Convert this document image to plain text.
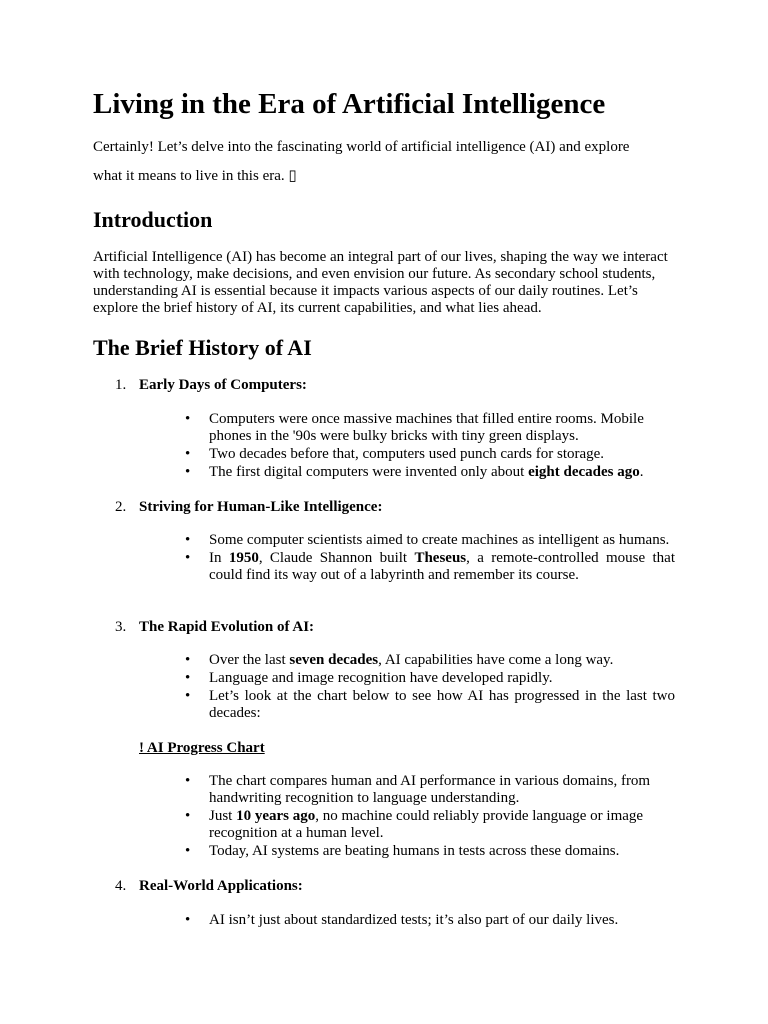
Living in the Era of Artificial Intelligence

Certainly! Let’s delve into the fascinating world of artificial intelligence (AI) and explore

what it means to live in this era. ▯

Introduction

Artificial Intelligence (AI) has become an integral part of our lives, shaping the way we interact with technology, make decisions, and even envision our future. As secondary school students, understanding AI is essential because it impacts various aspects of our daily routines. Let’s explore the brief history of AI, its current capabilities, and what lies ahead.

The Brief History of AI

1. Early Days of Computers:

• Computers were once massive machines that filled entire rooms. Mobile phones in the '90s were bulky bricks with tiny green displays.
• Two decades before that, computers used punch cards for storage.
• The first digital computers were invented only about eight decades ago.

2. Striving for Human-Like Intelligence:

• Some computer scientists aimed to create machines as intelligent as humans.
• In 1950, Claude Shannon built Theseus, a remote-controlled mouse that could find its way out of a labyrinth and remember its course.

3. The Rapid Evolution of AI:

• Over the last seven decades, AI capabilities have come a long way.
• Language and image recognition have developed rapidly.
• Let’s look at the chart below to see how AI has progressed in the last two decades:

! AI Progress Chart

• The chart compares human and AI performance in various domains, from handwriting recognition to language understanding.
• Just 10 years ago, no machine could reliably provide language or image recognition at a human level.
• Today, AI systems are beating humans in tests across these domains.

4. Real-World Applications:

• AI isn’t just about standardized tests; it’s also part of our daily lives.
